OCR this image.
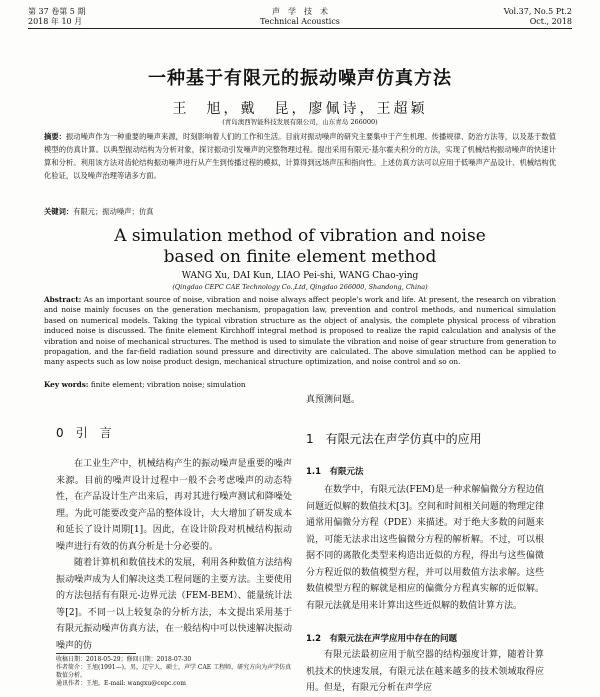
第 37 卷第 5 期
2018 年 10 月
声　学　技　术
Technical Acoustics
Vol.37, No.5 Pt.2
Oct., 2018
一种基于有限元的振动噪声仿真方法
王　旭，戴　昆，廖佩诗，王超颖
(青岛澳西智能科技发展有限公司，山东青岛 266000)
摘要：振动噪声作为一种重要的噪声来源，时刻影响着人们的工作和生活。目前对振动噪声的研究主要集中于产生机理、传播规律、防治方法等，以及基于数值模型的仿真计算。以典型振动结构为分析对象，探讨振动引发噪声的完整物理过程。提出采用有限元-基尔霍夫积分的方法，实现了机械结构振动噪声的快速计算和分析。利用该方法对齿轮结构振动噪声进行从产生到传播过程的模拟，计算得到远场声压和指向性。上述仿真方法可以应用于低噪声产品设计、机械结构优化验证，以及噪声治理等诸多方面。
关键词：有限元；振动噪声；仿真
A simulation method of vibration and noise
based on finite element method
WANG Xu, DAI Kun, LIAO Pei-shi, WANG Chao-ying
(Qingdao CEPC CAE Technology Co.,Ltd, Qingdao 266000, Shandong, China)
Abstract: As an important source of noise, vibration and noise always affect people's work and life. At present, the research on vibration and noise mainly focuses on the generation mechanism, propagation law, prevention and control methods, and numerical simulation based on numerical models. Taking the typical vibration structure as the object of analysis, the complete physical process of vibration induced noise is discussed. The finite element Kirchhoff integral method is proposed to realize the rapid calculation and analysis of the vibration and noise of mechanical structures. The method is used to simulate the vibration and noise of gear structure from generation to propagation, and the far-field radiation sound pressure and directivity are calculated. The above simulation method can be applied to many aspects such as low noise product design, mechanical structure optimization, and noise control and so on.
Key words: finite element; vibration noise; simulation
0　引　言

在工业生产中，机械结构产生的振动噪声是重要的噪声来源。目前的噪声设计过程中一般不会考虑噪声的动态特性，在产品设计生产出来后，再对其进行噪声测试和降噪处理。为此可能要改变产品的整体设计，大大增加了研发成本和延长了设计周期[1]。因此，在设计阶段对机械结构振动噪声进行有效的仿真分析是十分必要的。

随着计算机和数值技术的发展，利用各种数值方法结构振动噪声成为人们解决这类工程问题的主要方法。主要使用的方法包括有有限元-边界元法（FEM-BEM）、能量统计法等[2]。不同一以上较复杂的分析方法，本文提出采用基于有限元振动噪声仿真方法，在一般结构中可以快速解决振动噪声的仿

收稿日期：2018-05-29；修回日期：2018-07-30
作者简介：王旭(1991—)，男，辽宁人，硕士，声学 CAE 工程师，研究方向为声学仿真数值分析。
通讯作者：王旭，E-mail: wangxu@cepc.com
真预测问题。
1　有限元法在声学仿真中的应用
1.1　有限元法

在数学中，有限元法(FEM)是一种求解偏微分方程边值问题近似解的数值技术[3]。空间和时间相关问题的物理定律通常用偏微分方程（PDE）来描述。对于绝大多数的问题来说，可能无法求出这些偏微分方程的解析解。不过，可以根据不同的离散化类型来构造出近似的方程，得出与这些偏微分方程近似的数值模型方程，并可以用数值方法求解。这些数值模型方程的解就是相应的偏微分方程真实解的近似解。有限元法就是用来计算出这些近似解的数值计算方法。

1.2　有限元法在声学应用中存在的问题

有限元法最初应用于航空器的结构强度计算，随着计算机技术的快速发展，有限元法在越来越多的技术领域取得应用。但是，有限元分析在声学应
